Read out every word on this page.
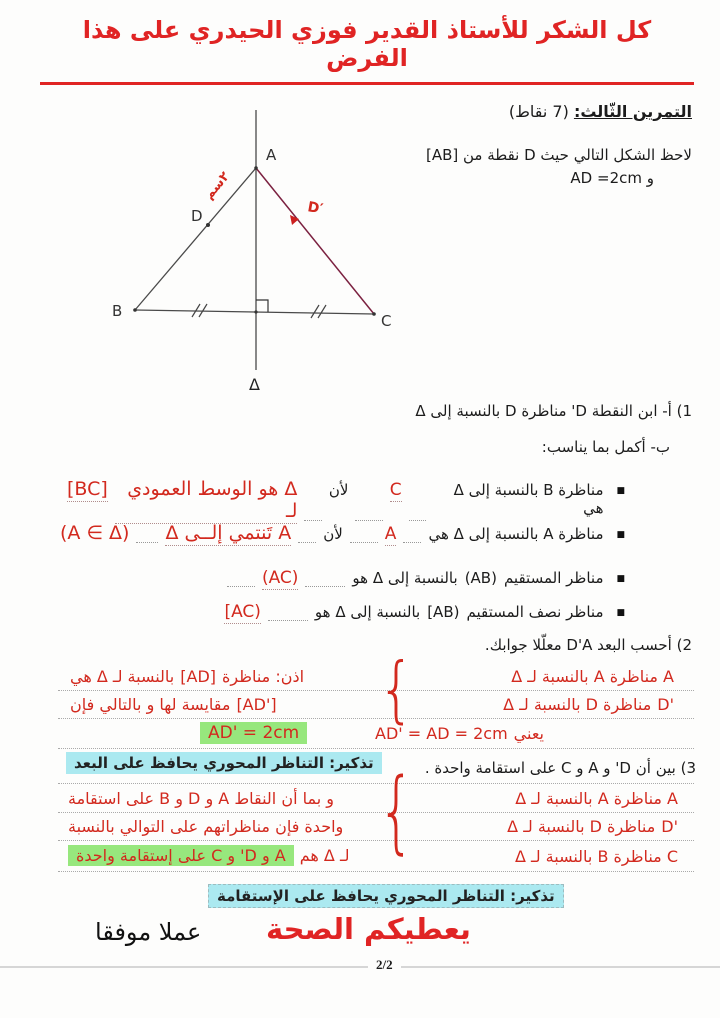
كل الشكر للأستاذ القدير فوزي الحيدري على هذا الفرض
التمرين الثّالث: (7 نقاط)
لاحظ الشكل التالي حيث D نقطة من [AB]
و AD =2cm
A
B
C
D
Δ
٢سم
D′
1) أ- ابن النقطة D' مناظرة D بالنسبة إلى Δ
ب- أكمل بما يناسب:
■
مناظرة B بالنسبة إلى Δ هي
C
لأن
Δ هو الوسط العمودي لـ
[BC]
■
مناظرة A بالنسبة إلى Δ هي
A
لأن
A تَنتمي إلــى Δ
(A ∈ Δ)
■
مناظر المستقيم
(AB)
بالنسبة إلى Δ هو
(AC)
■
مناظر نصف المستقيم
[AB)
بالنسبة إلى Δ هو
[AC)
2) أحسب البعد D'A معلّلا جوابك.
A مناظرة A بالنسبة لـ Δ
اذن: مناظرة
[AD]
بالنسبة لـ Δ هي
D'
مناظرة D بالنسبة لـ Δ
[AD']
مقايسة لها و بالتالي فإن
يعني
AD' = AD = 2cm
AD' = 2cm
{
3) بين أن D' و A و C على استقامة واحدة .
تذكير: التناظر المحوري يحافظ على البعد
A مناظرة A بالنسبة لـ Δ
و بما أن النقاط A و D و B على استقامة
D'
مناظرة D بالنسبة لـ Δ
واحدة فإن مناظراتهم على التوالي بالنسبة
C مناظرة B بالنسبة لـ Δ
لـ Δ هم
A و D' و C على إستقامة واحدة {
تذكير: التناظر المحوري يحافظ على الإستقامة
عملا موفقا يعطيكم الصحة
2/2
